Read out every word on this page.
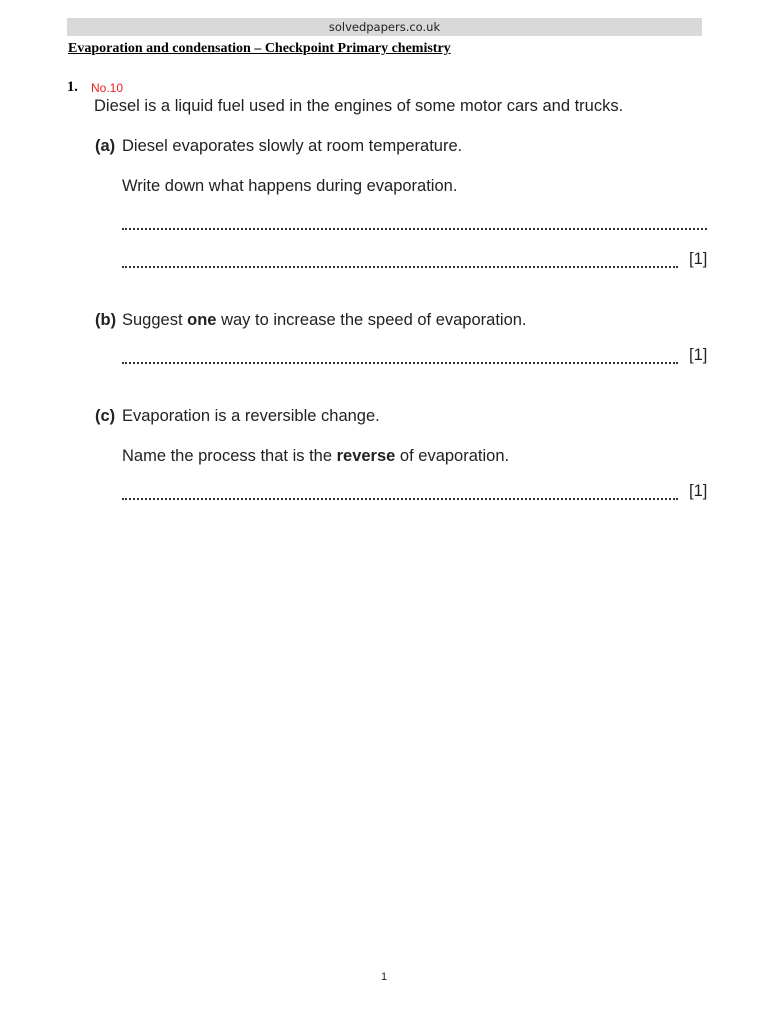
solvedpapers.co.uk
Evaporation and condensation – Checkpoint Primary chemistry
1. No.10
Diesel is a liquid fuel used in the engines of some motor cars and trucks.
(a) Diesel evaporates slowly at room temperature.
Write down what happens during evaporation.
[1]
(b) Suggest one way to increase the speed of evaporation.
[1]
(c) Evaporation is a reversible change.
Name the process that is the reverse of evaporation.
[1]
1
